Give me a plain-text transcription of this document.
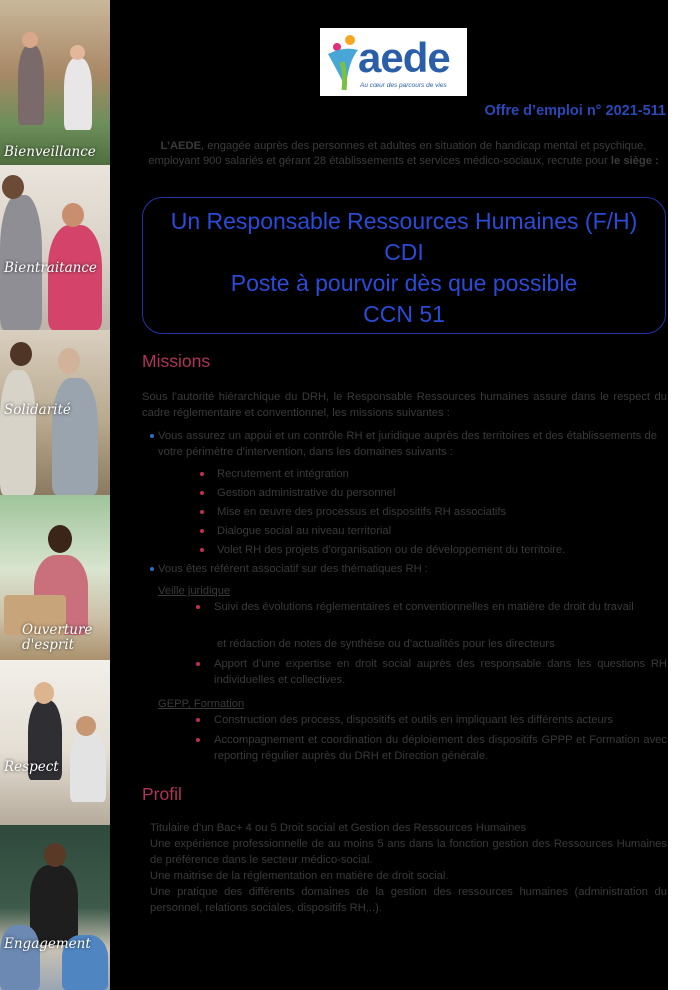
Bienveillance
Bientraitance
Solidarité
Ouverture d'esprit
Respect
Engagement
aede
Au cœur des parcours de vies
Offre d’emploi n° 2021-511
L’AEDE, engagée auprès des personnes et adultes en situation de handicap mental et psychique, employant 900 salariés et gérant 28 établissements et services médico-sociaux, recrute pour le siège :
Un Responsable Ressources Humaines (F/H)
CDI
Poste à pourvoir dès que possible
CCN 51
Missions
Sous l’autorité hiérarchique du DRH, le Responsable Ressources humaines assure dans le respect du cadre réglementaire et conventionnel, les missions suivantes :
Vous assurez un appui et un contrôle RH et juridique auprès des territoires et des établissements de votre périmètre d’intervention, dans les domaines suivants :
Recrutement et intégration
Gestion administrative du personnel
Mise en œuvre des processus et dispositifs RH associatifs
Dialogue social au niveau territorial
Volet RH des projets d’organisation ou de développement du territoire.
Vous êtes référent associatif sur des thématiques RH :
Veille juridique
Suivi des évolutions réglementaires et conventionnelles en matière de droit du travail
et rédaction de notes de synthèse ou d’actualités pour les directeurs
Apport d’une expertise en droit social auprès des responsable dans les questions RH individuelles et collectives.
GEPP, Formation
Construction des process, dispositifs et outils en impliquant les différents acteurs
Accompagnement et coordination du déploiement des dispositifs GPPP et Formation avec reporting régulier auprès du DRH et Direction générale.
Profil
Titulaire d’un Bac+ 4 ou 5 Droit social et Gestion des Ressources Humaines
Une expérience professionnelle de au moins 5 ans dans la fonction gestion des Ressources Humaines de préférence dans le secteur médico-social.
Une maitrise de la réglementation en matière de droit social.
Une pratique des différents domaines de la gestion des ressources humaines (administration du personnel, relations sociales, dispositifs RH,..).
